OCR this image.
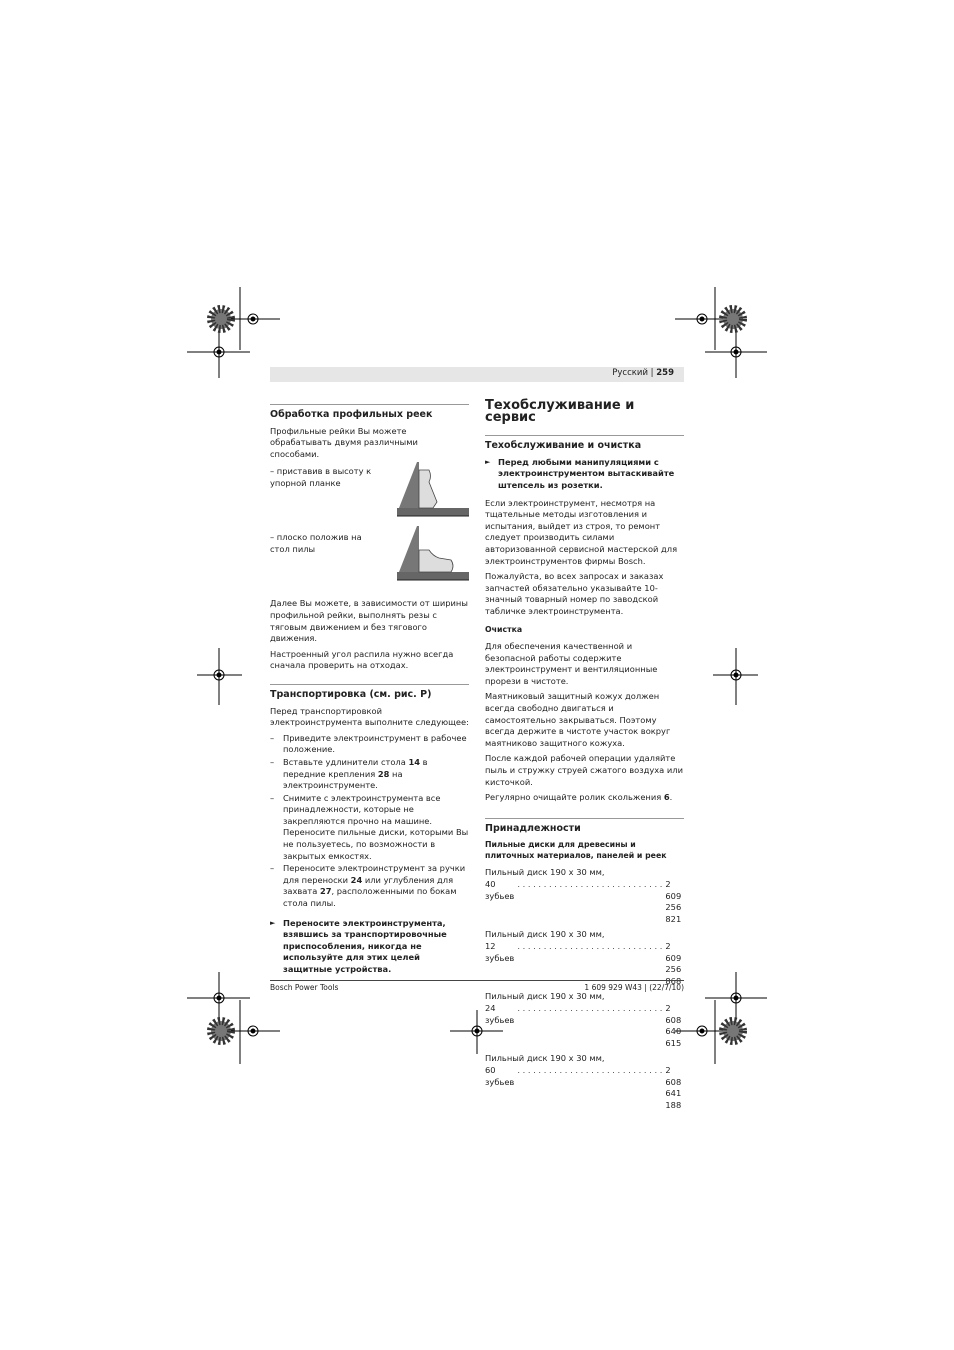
Русский | 259
Обработка профильных реек

Профильные рейки Вы можете обрабатывать двумя различными способами.

– приставив в высоту к упорной планке
– плоско положив на стол пилы

Далее Вы можете, в зависимости от ширины профильной рейки, выполнять резы с тяговым движением и без тягового движения.

Настроенный угол распила нужно всегда сначала проверить на отходах.

Транспортировка (см. рис. P)

Перед транспортировкой электроинструмента выполните следующее:

– Приведите электроинструмент в рабочее положение.
– Вставьте удлинители стола 14 в передние крепления 28 на электроинструменте.
– Снимите с электроинструмента все принадлежности, которые не закрепляются прочно на машине.
Переносите пильные диски, которыми Вы не пользуетесь, по возможности в закрытых емкостях.
– Переносите электроинструмент за ручки для переноски 24 или углубления для захвата 27, расположенными по бокам стола пилы.
► Переносите электроинструмента, взявшись за транспортировочные приспособления, никогда не используйте для этих целей защитные устройства.
Техобслуживание и сервис
Техобслуживание и очистка
► Перед любыми манипуляциями с электроинструментом вытаскивайте штепсель из розетки.

Если электроинструмент, несмотря на тщательные методы изготовления и испытания, выйдет из строя, то ремонт следует производить силами авторизованной сервисной мастерской для электроинструментов фирмы Bosch.

Пожалуйста, во всех запросах и заказах запчастей обязательно указывайте 10-значный товарный номер по заводской табличке электроинструмента.

Очистка

Для обеспечения качественной и безопасной работы содержите электроинструмент и вентиляционные прорези в чистоте.

Маятниковый защитный кожух должен всегда свободно двигаться и самостоятельно закрываться. Поэтому всегда держите в чистоте участок вокруг маятниково защитного кожуха.

После каждой рабочей операции удаляйте пыль и стружку струей сжатого воздуха или кисточкой.

Регулярно очищайте ролик скольжения 6.

Принадлежности

Пильные диски для древесины и плиточных материалов, панелей и реек

Пильный диск 190 x 30 мм,
40 зубьев
. . . . . . . . . . . . . . . . . . . . . . . . . . . . 2 609 256 821
Пильный диск 190 x 30 мм,
12 зубьев
. . . . . . . . . . . . . . . . . . . . . . . . . . . . 2 609 256 868
Пильный диск 190 x 30 мм,
24 зубьев
. . . . . . . . . . . . . . . . . . . . . . . . . . . . 2 608 640 615
Пильный диск 190 x 30 мм,
60 зубьев
. . . . . . . . . . . . . . . . . . . . . . . . . . . . 2 608 641 188
Bosch Power Tools	1 609 929 W43 | (22/7/10)
